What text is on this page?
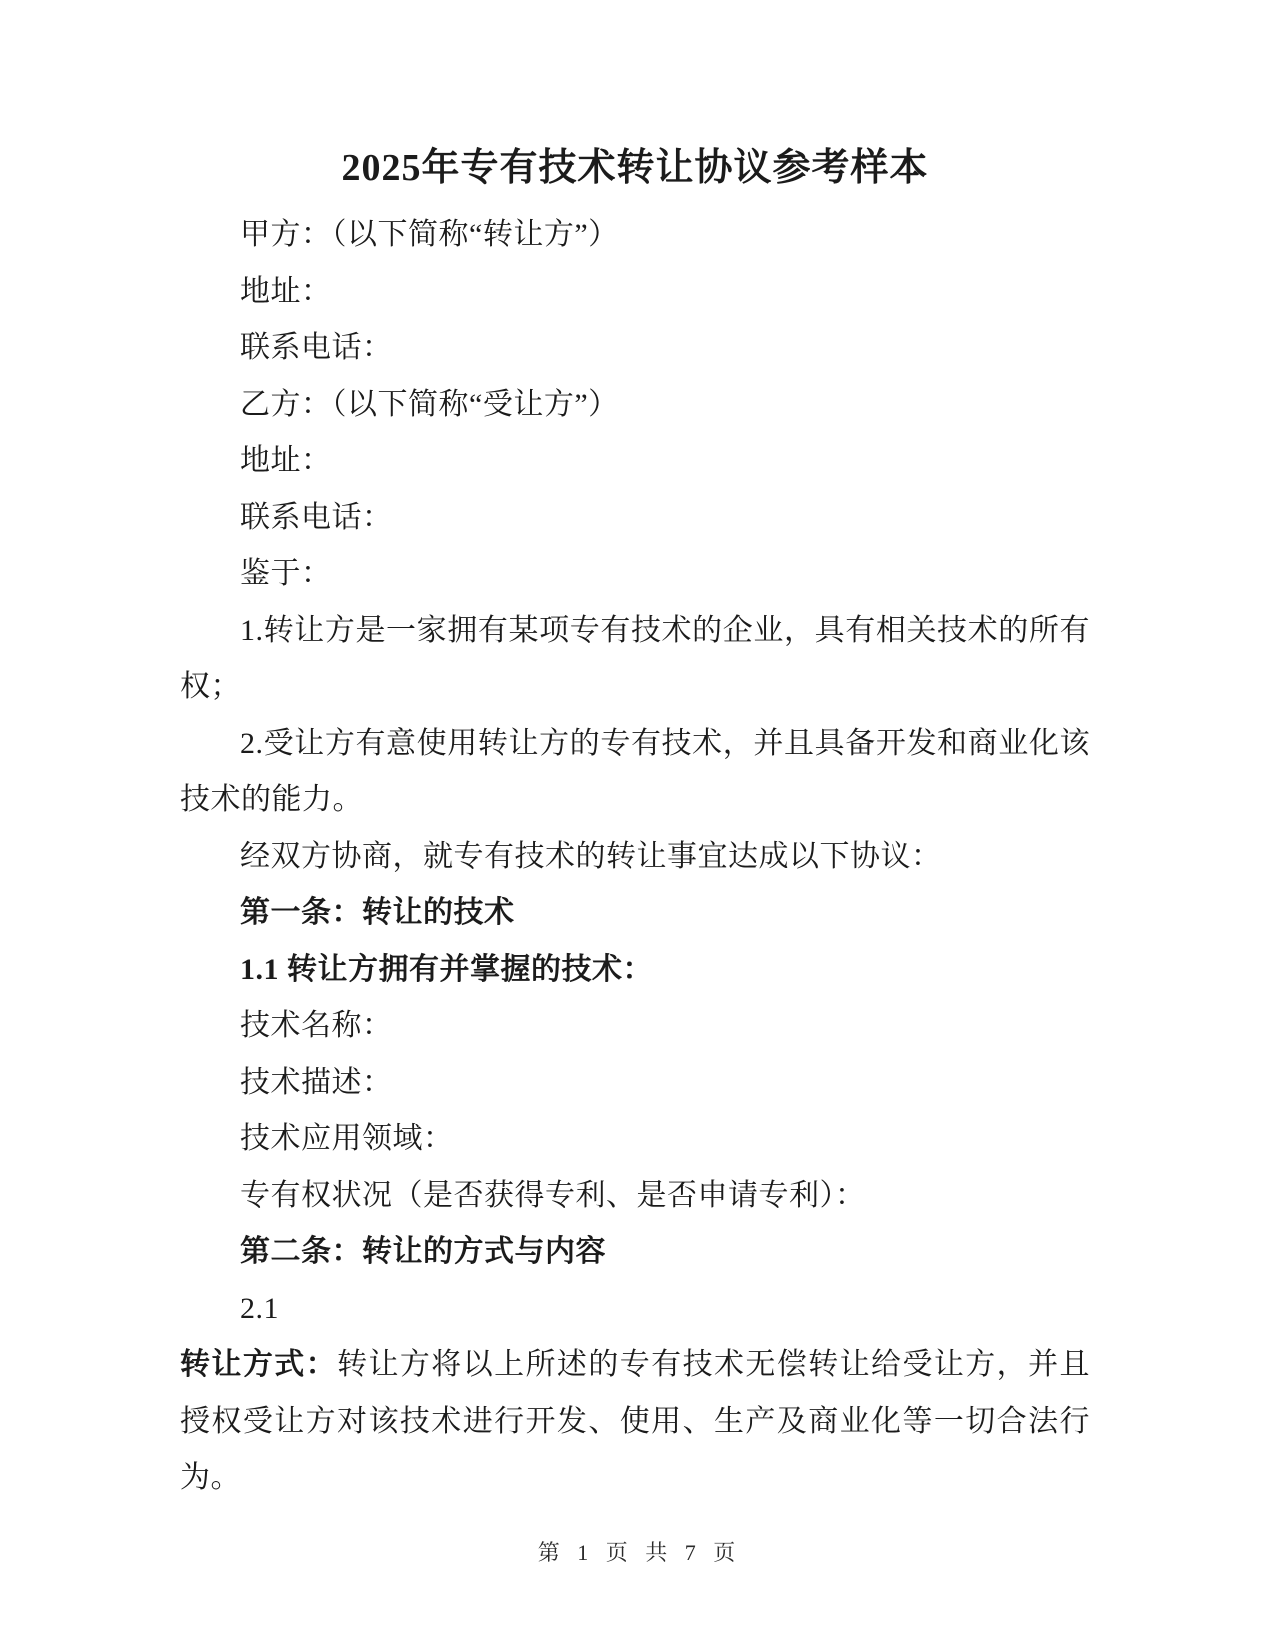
2025年专有技术转让协议参考样本

甲方：（以下简称“转让方”）

地址：

联系电话：

乙方：（以下简称“受让方”）

地址：

联系电话：

鉴于：

1.转让方是一家拥有某项专有技术的企业，具有相关技术的所有权；

2.受让方有意使用转让方的专有技术，并且具备开发和商业化该技术的能力。

经双方协商，就专有技术的转让事宜达成以下协议：

第一条：转让的技术

1.1 转让方拥有并掌握的技术：

技术名称：

技术描述：

技术应用领域：

专有权状况（是否获得专利、是否申请专利）：

第二条：转让的方式与内容

2.1

转让方式：转让方将以上所述的专有技术无偿转让给受让方，并且授权受让方对该技术进行开发、使用、生产及商业化等一切合法行为。

第 1 页 共 7 页
